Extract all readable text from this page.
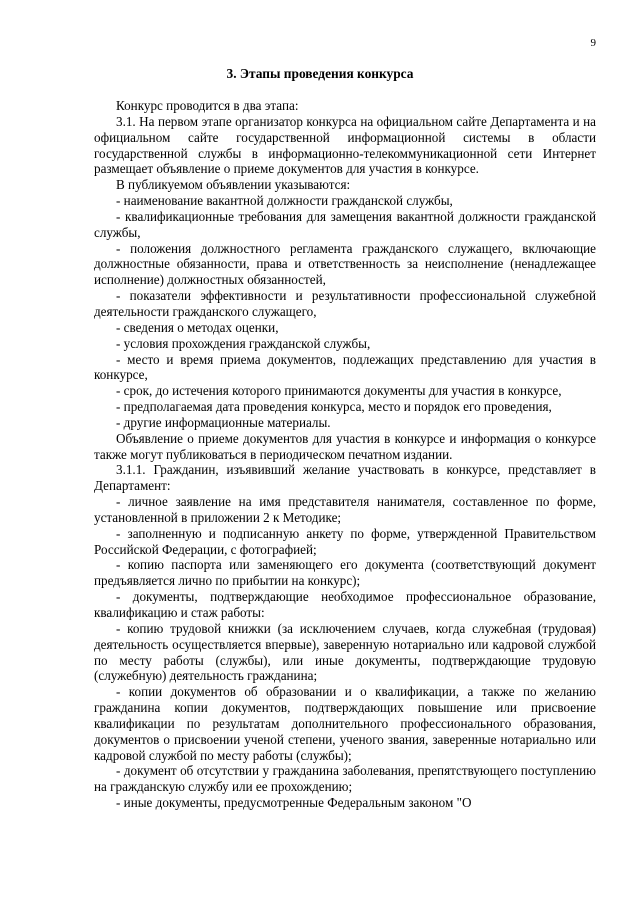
9
3. Этапы проведения конкурса

Конкурс проводится в два этапа:

3.1. На первом этапе организатор конкурса на официальном сайте Департамента и на официальном сайте государственной информационной системы в области государственной службы в информационно-телекоммуникационной сети Интернет размещает объявление о приеме документов для участия в конкурсе.

В публикуемом объявлении указываются:

- наименование вакантной должности гражданской службы,

- квалификационные требования для замещения вакантной должности гражданской службы,

- положения должностного регламента гражданского служащего, включающие должностные обязанности, права и ответственность за неисполнение (ненадлежащее исполнение) должностных обязанностей,

- показатели эффективности и результативности профессиональной служебной деятельности гражданского служащего,

- сведения о методах оценки,

- условия прохождения гражданской службы,

- место и время приема документов, подлежащих представлению для участия в конкурсе,

- срок, до истечения которого принимаются документы для участия в конкурсе,

- предполагаемая дата проведения конкурса, место и порядок его проведения,

- другие информационные материалы.

Объявление о приеме документов для участия в конкурсе и информация о конкурсе также могут публиковаться в периодическом печатном издании.

3.1.1. Гражданин, изъявивший желание участвовать в конкурсе, представляет в Департамент:

- личное заявление на имя представителя нанимателя, составленное по форме, установленной в приложении 2 к Методике;

- заполненную и подписанную анкету по форме, утвержденной Правительством Российской Федерации, с фотографией;

- копию паспорта или заменяющего его документа (соответствующий документ предъявляется лично по прибытии на конкурс);

- документы, подтверждающие необходимое профессиональное образование, квалификацию и стаж работы:

- копию трудовой книжки (за исключением случаев, когда служебная (трудовая) деятельность осуществляется впервые), заверенную нотариально или кадровой службой по месту работы (службы), или иные документы, подтверждающие трудовую (служебную) деятельность гражданина;

- копии документов об образовании и о квалификации, а также по желанию гражданина копии документов, подтверждающих повышение или присвоение квалификации по результатам дополнительного профессионального образования, документов о присвоении ученой степени, ученого звания, заверенные нотариально или кадровой службой по месту работы (службы);

- документ об отсутствии у гражданина заболевания, препятствующего поступлению на гражданскую службу или ее прохождению;

- иные документы, предусмотренные Федеральным законом "О
